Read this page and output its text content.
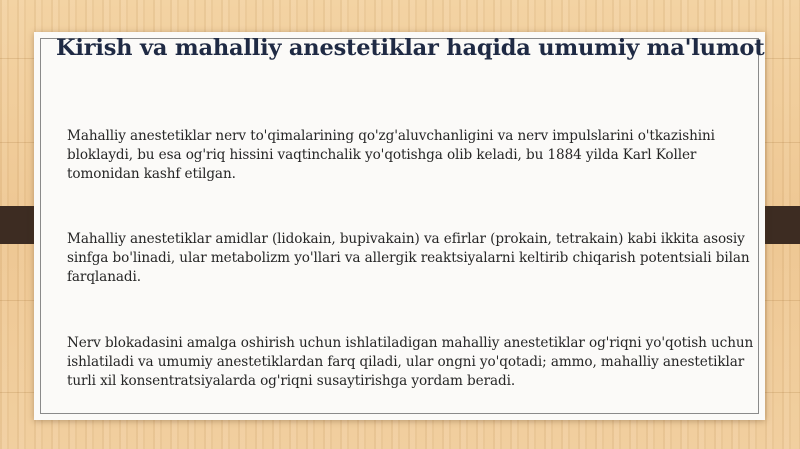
Kirish va mahalliy anestetiklar haqida umumiy ma'lumot

Mahalliy anestetiklar nerv to'qimalarining qo'zg'aluvchanligini va nerv impulslarini o'tkazishini bloklaydi, bu esa og'riq hissini vaqtinchalik yo'qotishga olib keladi, bu 1884 yilda Karl Koller tomonidan kashf etilgan.

Mahalliy anestetiklar amidlar (lidokain, bupivakain) va efirlar (prokain, tetrakain) kabi ikkita asosiy sinfga bo'linadi, ular metabolizm yo'llari va allergik reaktsiyalarni keltirib chiqarish potentsiali bilan farqlanadi.

Nerv blokadasini amalga oshirish uchun ishlatiladigan mahalliy anestetiklar og'riqni yo'qotish uchun ishlatiladi va umumiy anestetiklardan farq qiladi, ular ongni yo'qotadi; ammo, mahalliy anestetiklar turli xil konsentratsiyalarda og'riqni susaytirishga yordam beradi.
